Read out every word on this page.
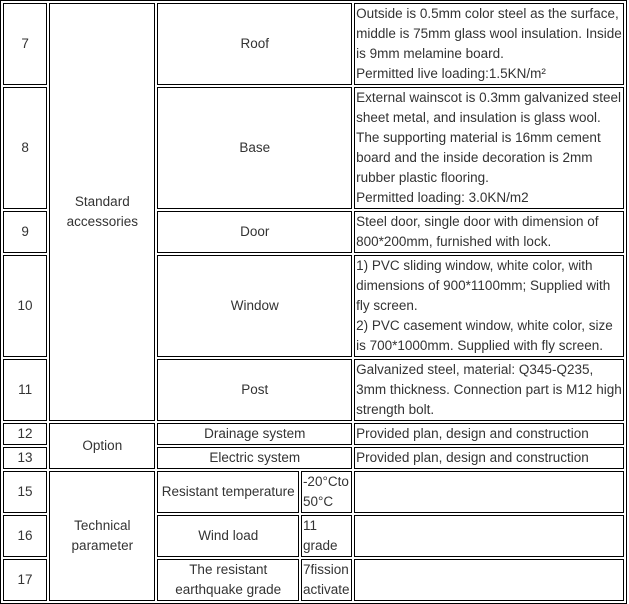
7	Standard accessories	Roof		Outside is 0.5mm color steel as the surface, middle is 75mm glass wool insulation. Inside is 9mm melamine board.
Permitted live loading:1.5KN/m²

8		Base		External wainscot is 0.3mm galvanized steel sheet metal, and insulation is glass wool. The supporting material is 16mm cement board and the inside decoration is 2mm rubber plastic flooring.
Permitted loading: 3.0KN/m2

9		Door		Steel door, single door with dimension of 800*200mm, furnished with lock.

10		Window		1) PVC sliding window, white color, with dimensions of 900*1100mm; Supplied with fly screen.
2) PVC casement window, white color, size is 700*1000mm. Supplied with fly screen.

11		Post		Galvanized steel, material: Q345-Q235, 3mm thickness. Connection part is M12 high strength bolt.

12	Option	Drainage system		Provided plan, design and construction

13		Electric system		Provided plan, design and construction

15	Technical parameter	Resistant temperature	-20°Cto 50°C	
16		Wind load	11 grade	
17		The resistant earthquake grade	7fission activate	
